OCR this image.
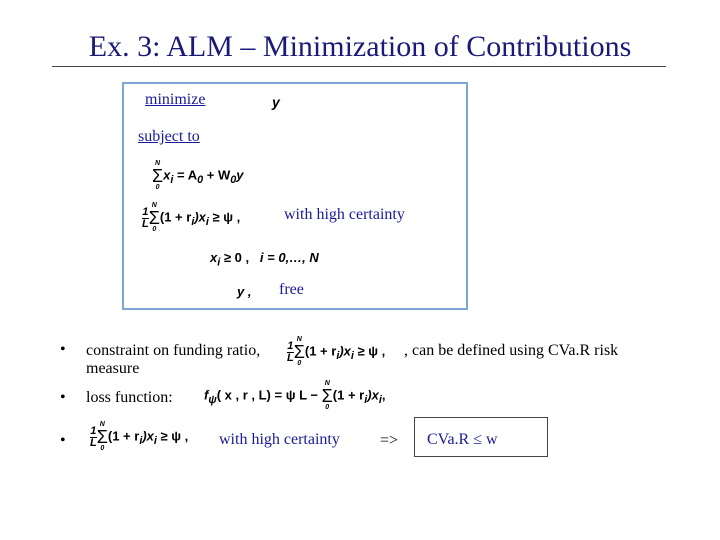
Ex. 3: ALM – Minimization of Contributions
minimize	y
subject to
N
Σ
0
$x_i = A_0 + W_0y$
$\frac{1}{L}$
N
Σ
0
$(1 + r_i)x_i \ge \psi$ ,	with high certainty
$x_i \ge 0$ , i = 0,…, N
y , free
• constraint on funding ratio,
measure
$\frac{1}{L}$
N
Σ
0
$(1 + r_i)x_i \ge \psi$ , , can be defined using CVa.R risk
• loss function: $f_\psi$( x , r , L) = ψ L −
N
Σ
0
$(1 + r_i)x_i$,
• $\frac{1}{L}$
N
Σ
0
$(1 + r_i)x_i \ge \psi$ , with high certainty	=> CVa.R ≤ w
